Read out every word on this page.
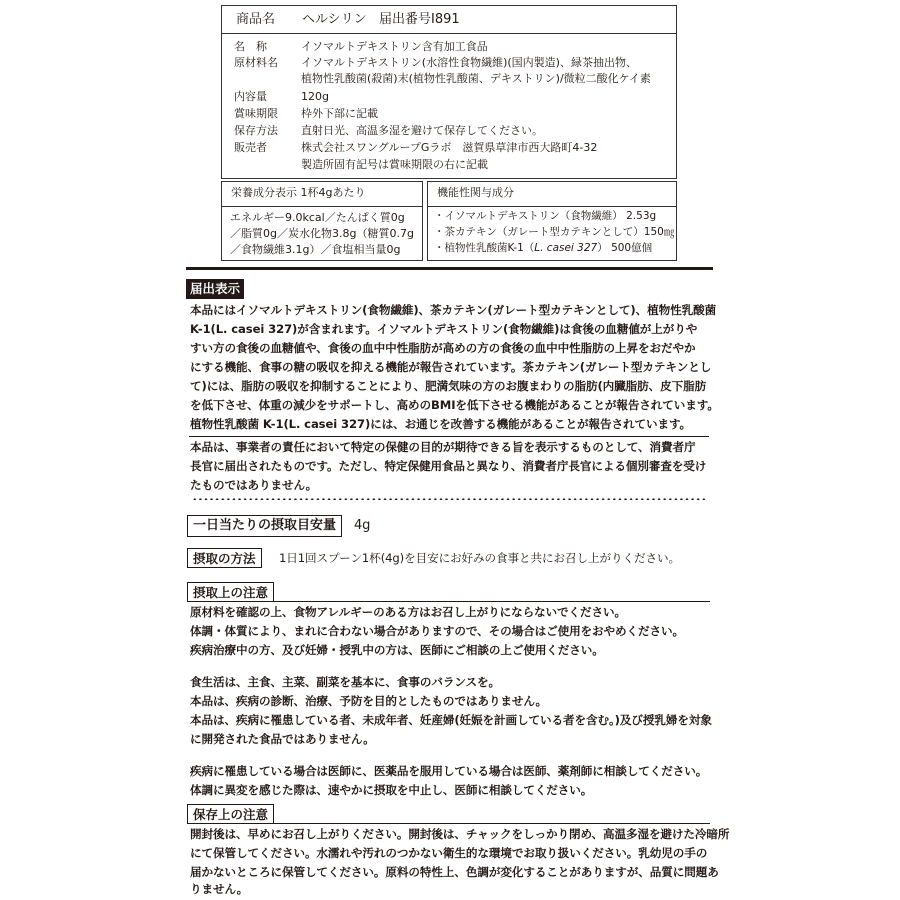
商品名 ヘルシリン 届出番号I891
名　称	イソマルトデキストリン含有加工食品
原材料名	イソマルトデキストリン(水溶性食物繊維)(国内製造)、緑茶抽出物、
植物性乳酸菌(殺菌)末(植物性乳酸菌、デキストリン)/微粒二酸化ケイ素
内容量	120g
賞味期限	枠外下部に記載
保存方法	直射日光、高温多湿を避けて保存してください。
販売者	株式会社スワングループGラボ　滋賀県草津市西大路町4-32
製造所固有記号は賞味期限の右に記載
栄養成分表示 1杯4gあたり
エネルギー9.0kcal／たんぱく質0g
／脂質0g／炭水化物3.8g（糖質0.7g
／食物繊維3.1g）／食塩相当量0g
機能性関与成分
・イソマルトデキストリン（食物繊維） 2.53g
・茶カテキン（ガレート型カテキンとして）150㎎
・植物性乳酸菌K-1（L. casei 327） 500億個
届出表示
本品にはイソマルトデキストリン(食物繊維)、茶カテキン(ガレート型カテキンとして)、植物性乳酸菌
K-1(L. casei 327)が含まれます。イソマルトデキストリン(食物繊維)は食後の血糖値が上がりや
すい方の食後の血糖値や、食後の血中中性脂肪が高めの方の食後の血中中性脂肪の上昇をおだやか
にする機能、食事の糖の吸収を抑える機能が報告されています。茶カテキン(ガレート型カテキンとし
て)には、脂肪の吸収を抑制することにより、肥満気味の方のお腹まわりの脂肪(内臓脂肪、皮下脂肪
を低下させ、体重の減少をサポートし、高めのBMIを低下させる機能があることが報告されています。
植物性乳酸菌 K-1(L. casei 327)には、お通じを改善する機能があることが報告されています。
本品は、事業者の責任において特定の保健の目的が期待できる旨を表示するものとして、消費者庁
長官に届出されたものです。ただし、特定保健用食品と異なり、消費者庁長官による個別審査を受け
たものではありません。
一日当たりの摂取目安量	4g
摂取の方法	1日1回スプーン1杯(4g)を目安にお好みの食事と共にお召し上がりください。
摂取上の注意
原材料を確認の上、食物アレルギーのある方はお召し上がりにならないでください。
体調・体質により、まれに合わない場合がありますので、その場合はご使用をおやめください。
疾病治療中の方、及び妊婦・授乳中の方は、医師にご相談の上ご使用ください。
食生活は、主食、主菜、副菜を基本に、食事のバランスを。
本品は、疾病の診断、治療、予防を目的としたものではありません。
本品は、疾病に罹患している者、未成年者、妊産婦(妊娠を計画している者を含む。)及び授乳婦を対象
に開発された食品ではありません。
疾病に罹患している場合は医師に、医薬品を服用している場合は医師、薬剤師に相談してください。
体調に異変を感じた際は、速やかに摂取を中止し、医師に相談してください。
保存上の注意
開封後は、早めにお召し上がりください。開封後は、チャックをしっかり閉め、高温多湿を避けた冷暗所
にて保管してください。水濡れや汚れのつかない衛生的な環境でお取り扱いください。乳幼児の手の
届かないところに保管してください。原料の特性上、色調が変化することがありますが、品質に問題あ
りません。
